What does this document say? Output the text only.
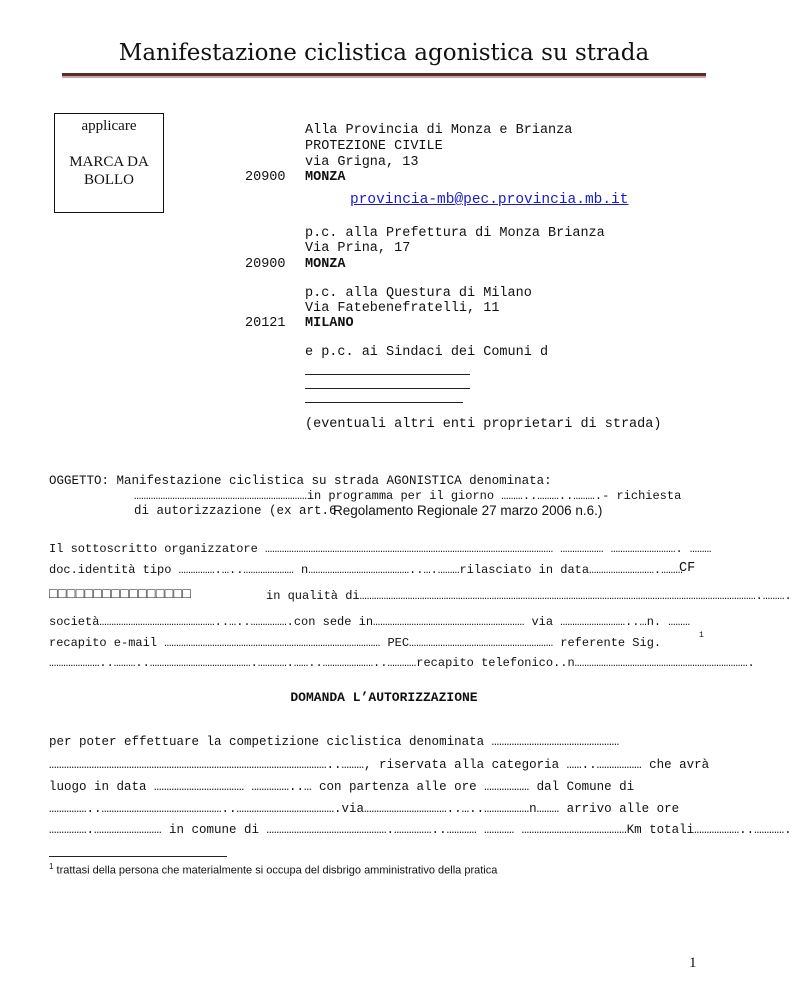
Manifestazione ciclistica agonistica su strada
applicare
MARCA DA
BOLLO
Alla Provincia di Monza e Brianza
PROTEZIONE CIVILE
via Grigna, 13
20900 MONZA
provincia-mb@pec.provincia.mb.it
p.c. alla Prefettura di Monza Brianza
Via Prina, 17
20900 MONZA
p.c. alla Questura di Milano
Via Fatebenefratelli, 11
20121 MILANO
e p.c. ai Sindaci dei Comuni d
(eventuali altri enti proprietari di strada)
OGGETTO: Manifestazione ciclistica su strada AGONISTICA denominata:
………………………………………………………………in programma per il giorno ………..………..……….- richiesta
di autorizzazione (ex art.6
Regolamento Regionale 27 marzo 2006 n.6.)
Il sottoscritto organizzatore ………………………………………………………………………………………………………… ……………… ………………………. ………
doc.identità tipo …………….…..………………… n……………………………………..….………rilasciato in data……………………….………
CF
□□□□□□□□□□□□□□□□	in qualità di………………………………………………………………………………………………………………………………………………….……….
società…………………………………………..…..…………….con sede in……………………………………………………… via ………………………..…n. ………
recapito e-mail ……………………………………………………………………………… PEC…………………………………………………… referente Sig.
1
…………………..………..…………………………………….………….……..…………………..…………recapito telefonico..n……………………………………………………………….
DOMANDA L’AUTORIZZAZIONE
per poter effettuare la competizione ciclistica denominata ……………………………………………
…………………………………………………………………………………………………..………, riservata alla categoria ……..……………… che avrà
luogo in data ……………………………… ……………..… con partenza alle ore ……………… dal Comune di
……………..…………………………………………..………………………………….via……………………………..…..………………n……… arrivo alle ore
…………….……………………… in comune di ………………………………………….……………..………… ………… ……………………………………Km totali………………..………….
$^1$ trattasi della persona che materialmente si occupa del disbrigo amministrativo della pratica
1
